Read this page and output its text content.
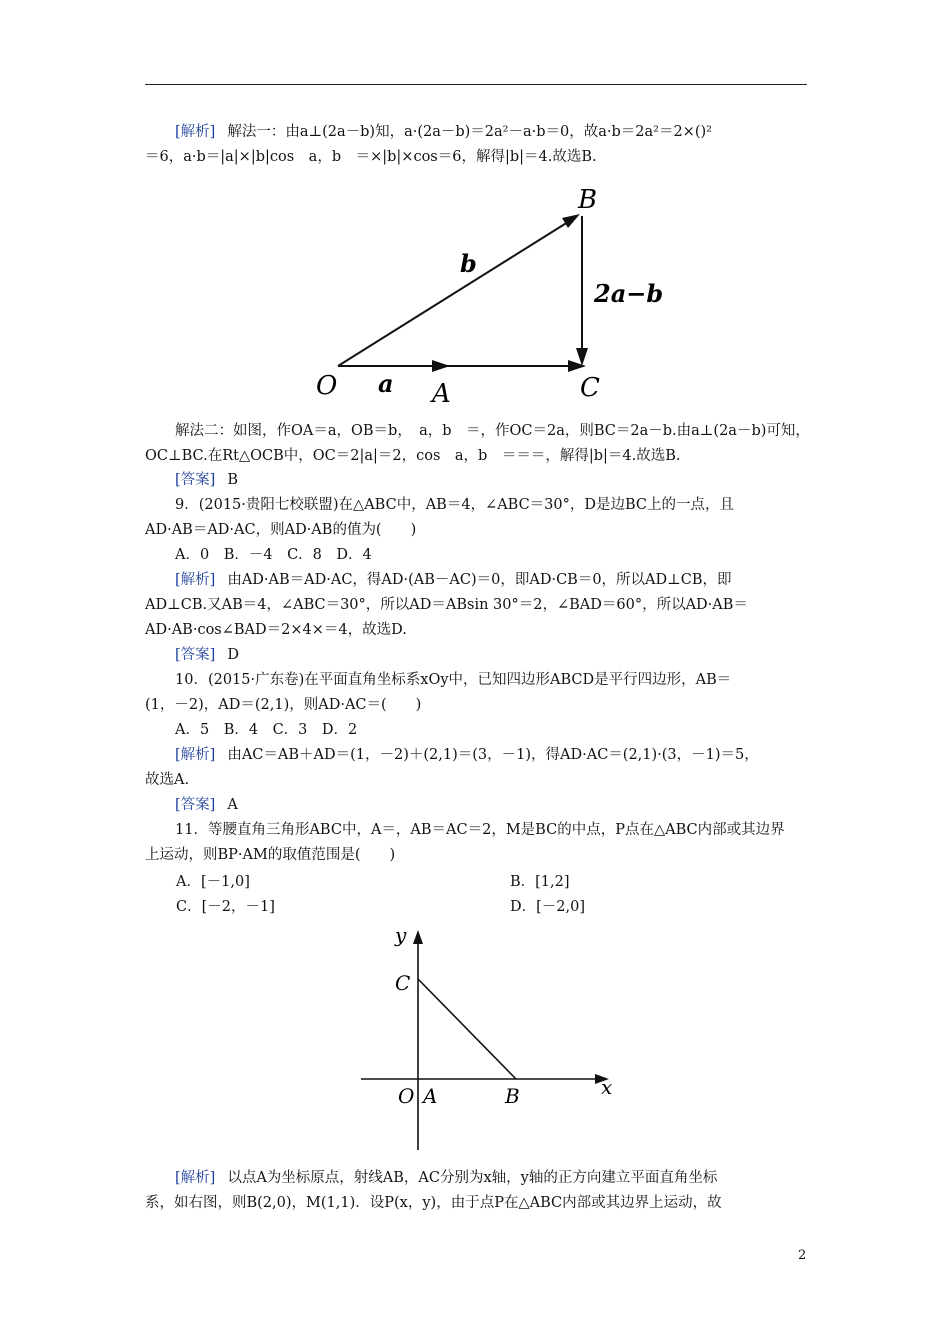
[解析] 解法一：由a⊥(2a－b)知，a·(2a－b)＝2a²－a·b＝0，故a·b＝2a²＝2×()²
＝6，a·b＝|a|×|b|cos　a，b　＝×|b|×cos＝6，解得|b|＝4.故选B.
B
b
2a−b
O a A	C
解法二：如图，作OA＝a，OB＝b，　a，b　＝，作OC＝2a，则BC＝2a－b.由a⊥(2a－b)可知，
OC⊥BC.在Rt△OCB中，OC＝2|a|＝2，cos　a，b　＝＝＝，解得|b|＝4.故选B.
[答案] B
9．(2015·贵阳七校联盟)在△ABC中，AB＝4，∠ABC＝30°，D是边BC上的一点，且
AD·AB＝AD·AC，则AD·AB的值为(　　)
A．0　B．－4　C．8　D．4
[解析] 由AD·AB＝AD·AC，得AD·(AB－AC)＝0，即AD·CB＝0，所以AD⊥CB，即
AD⊥CB.又AB＝4，∠ABC＝30°，所以AD＝ABsin 30°＝2，∠BAD＝60°，所以AD·AB＝
AD·AB·cos∠BAD＝2×4×＝4，故选D.
[答案] D
10．(2015·广东卷)在平面直角坐标系xOy中，已知四边形ABCD是平行四边形，AB＝
(1，－2)，AD＝(2,1)，则AD·AC＝(　　)
A．5　B．4　C．3　D．2
[解析] 由AC＝AB＋AD＝(1，－2)＋(2,1)＝(3，－1)，得AD·AC＝(2,1)·(3，－1)＝5，
故选A.
[答案] A
11．等腰直角三角形ABC中，A＝，AB＝AC＝2，M是BC的中点，P点在△ABC内部或其边界
上运动，则BP·AM的取值范围是(　　)
A．[－1,0]	B．[1,2]
C．[－2，－1]	D．[－2,0]
y
C
O A	B	x
[解析] 以点A为坐标原点，射线AB，AC分别为x轴，y轴的正方向建立平面直角坐标
系，如右图，则B(2,0)，M(1,1)．设P(x，y)，由于点P在△ABC内部或其边界上运动，故
2
